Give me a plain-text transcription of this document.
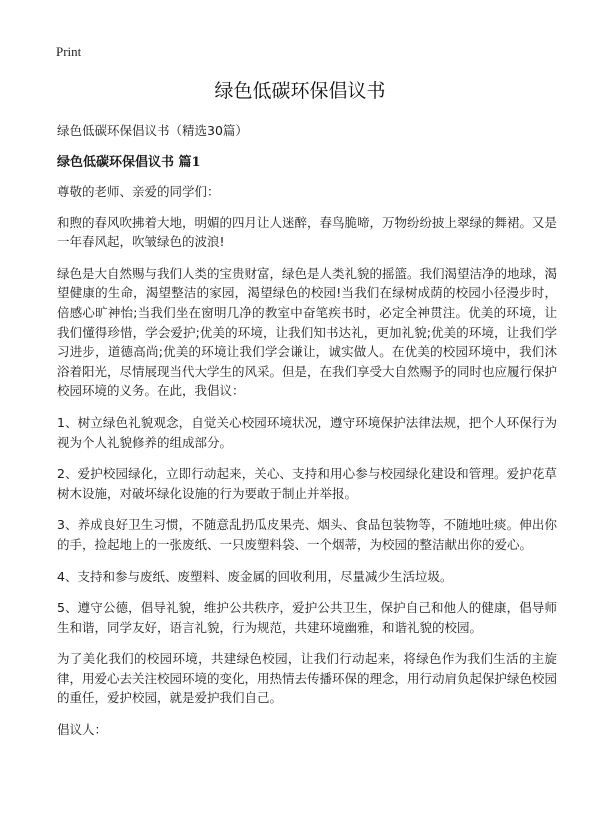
Print
绿色低碳环保倡议书

绿色低碳环保倡议书（精选30篇）

绿色低碳环保倡议书 篇1

尊敬的老师、亲爱的同学们：

和煦的春风吹拂着大地，明媚的四月让人迷醉，春鸟脆啼，万物纷纷披上翠绿的舞裙。又是一年春风起，吹皱绿色的波浪!

绿色是大自然赐与我们人类的宝贵财富，绿色是人类礼貌的摇篮。我们渴望洁净的地球，渴望健康的生命，渴望整洁的家园，渴望绿色的校园!当我们在绿树成荫的校园小径漫步时，倍感心旷神怡;当我们坐在窗明几净的教室中奋笔疾书时，必定全神贯注。优美的环境，让我们懂得珍惜，学会爱护;优美的环境，让我们知书达礼，更加礼貌;优美的环境，让我们学习进步，道德高尚;优美的环境让我们学会谦让，诚实做人。在优美的校园环境中，我们沐浴着阳光，尽情展现当代大学生的风采。但是，在我们享受大自然赐予的同时也应履行保护校园环境的义务。在此，我倡议：

1、树立绿色礼貌观念，自觉关心校园环境状况，遵守环境保护法律法规，把个人环保行为视为个人礼貌修养的组成部分。

2、爱护校园绿化，立即行动起来，关心、支持和用心参与校园绿化建设和管理。爱护花草树木设施，对破坏绿化设施的行为要敢于制止并举报。

3、养成良好卫生习惯，不随意乱扔瓜皮果壳、烟头、食品包装物等，不随地吐痰。伸出你的手，捡起地上的一张废纸、一只废塑料袋、一个烟蒂，为校园的整洁献出你的爱心。

4、支持和参与废纸、废塑料、废金属的回收利用，尽量减少生活垃圾。

5、遵守公德，倡导礼貌，维护公共秩序，爱护公共卫生，保护自己和他人的健康，倡导师生和谐，同学友好，语言礼貌，行为规范，共建环境幽雅，和谐礼貌的校园。

为了美化我们的校园环境，共建绿色校园，让我们行动起来，将绿色作为我们生活的主旋律，用爱心去关注校园环境的变化，用热情去传播环保的理念，用行动肩负起保护绿色校园的重任，爱护校园，就是爱护我们自己。

倡议人：
